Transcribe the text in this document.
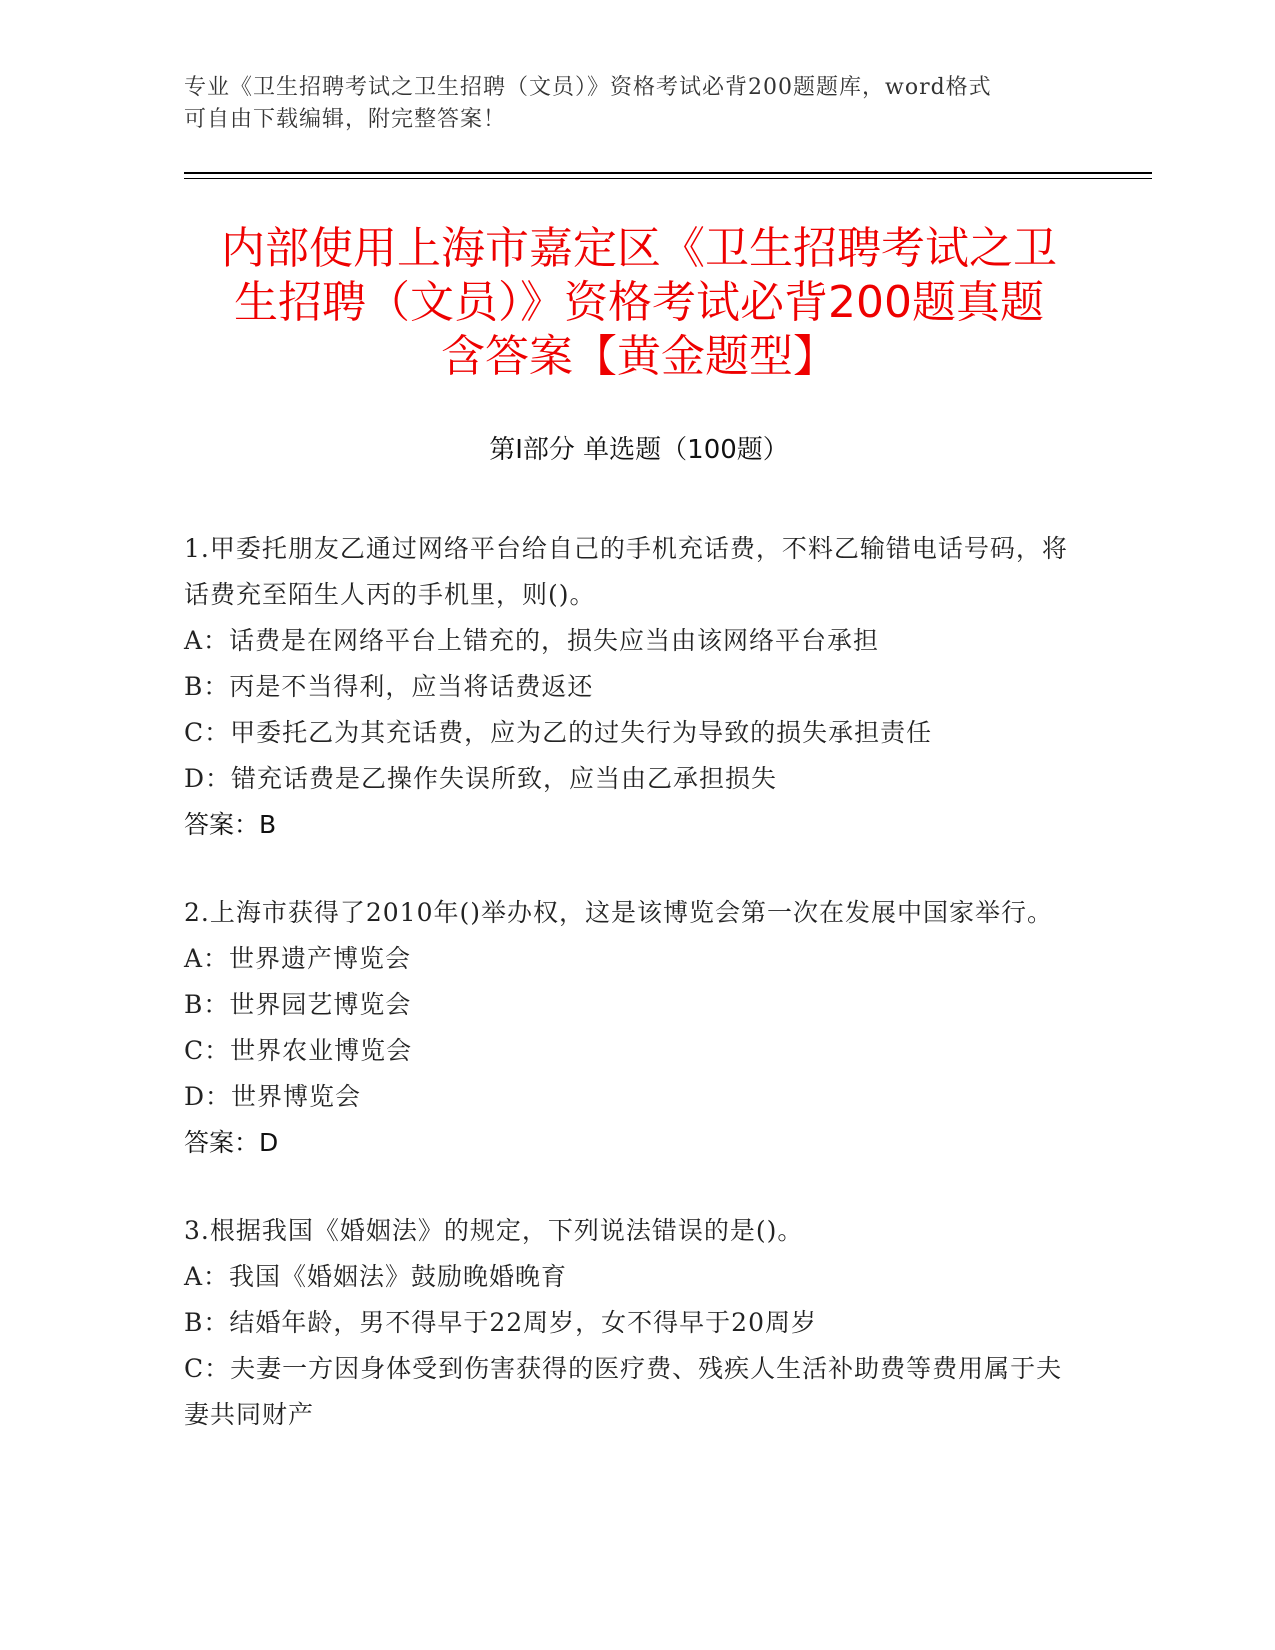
专业《卫生招聘考试之卫生招聘（文员）》资格考试必背200题题库，word格式
可自由下载编辑，附完整答案！
内部使用上海市嘉定区《卫生招聘考试之卫
生招聘（文员）》资格考试必背200题真题
含答案【黄金题型】
第Ⅰ部分 单选题（100题）
1.甲委托朋友乙通过网络平台给自己的手机充话费，不料乙输错电话号码，将话费充至陌生人丙的手机里，则()。
A：话费是在网络平台上错充的，损失应当由该网络平台承担
B：丙是不当得利，应当将话费返还
C：甲委托乙为其充话费，应为乙的过失行为导致的损失承担责任
D：错充话费是乙操作失误所致，应当由乙承担损失
答案：B
2.上海市获得了2010年()举办权，这是该博览会第一次在发展中国家举行。
A：世界遗产博览会
B：世界园艺博览会
C：世界农业博览会
D：世界博览会
答案：D
3.根据我国《婚姻法》的规定，下列说法错误的是()。
A：我国《婚姻法》鼓励晚婚晚育
B：结婚年龄，男不得早于22周岁，女不得早于20周岁
C：夫妻一方因身体受到伤害获得的医疗费、残疾人生活补助费等费用属于夫妻共同财产
